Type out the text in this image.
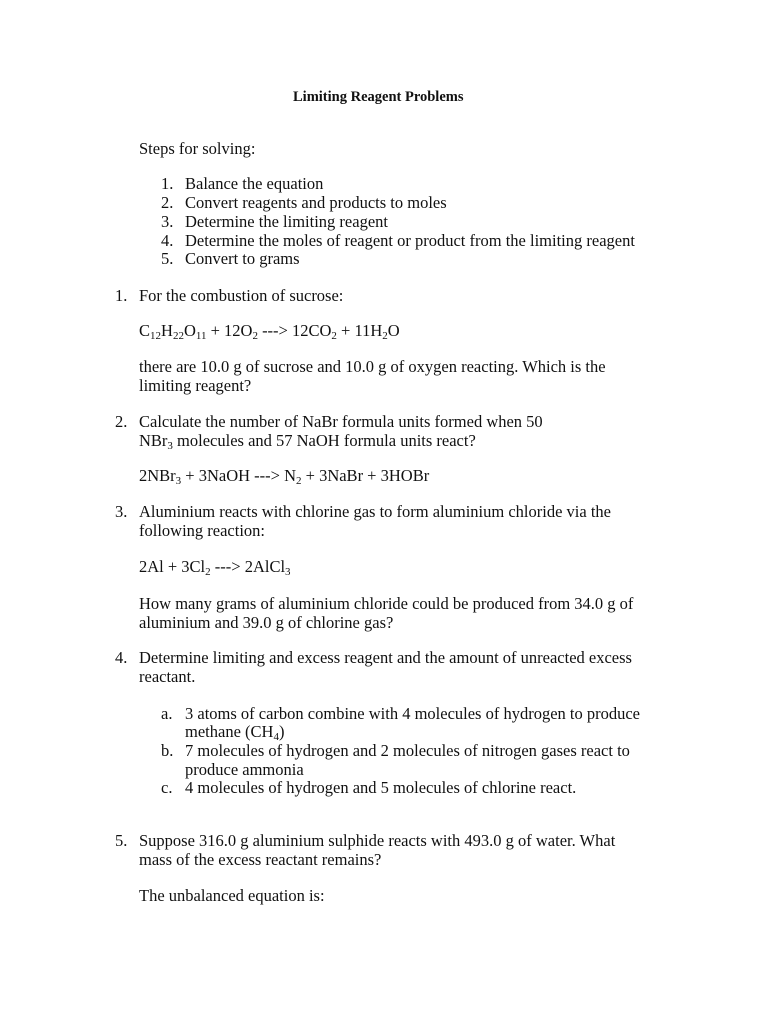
Limiting Reagent Problems
Steps for solving:
1. Balance the equation
2. Convert reagents and products to moles
3. Determine the limiting reagent
4. Determine the moles of reagent or product from the limiting reagent
5. Convert to grams
1. For the combustion of sucrose:
$C_{12}H_{22}O_{11} + 12O_2$ ---> $12CO_2 + 11H_2O$
there are 10.0 g of sucrose and 10.0 g of oxygen reacting. Which is the
limiting reagent?
2. Calculate the number of NaBr formula units formed when 50
NBr$_3$ molecules and 57 NaOH formula units react?
2NBr$_3$ + 3NaOH ---> $N_2$ + 3NaBr + 3HOBr
3. Aluminium reacts with chlorine gas to form aluminium chloride via the
following reaction:
$2Al + 3Cl_2$ ---> 2AlCl$_3$
How many grams of aluminium chloride could be produced from 34.0 g of
aluminium and 39.0 g of chlorine gas?
4. Determine limiting and excess reagent and the amount of unreacted excess
reactant.
a. 3 atoms of carbon combine with 4 molecules of hydrogen to produce
methane $(CH_4)$
b. 7 molecules of hydrogen and 2 molecules of nitrogen gases react to
produce ammonia
c. 4 molecules of hydrogen and 5 molecules of chlorine react.
5. Suppose 316.0 g aluminium sulphide reacts with 493.0 g of water. What
mass of the excess reactant remains?
The unbalanced equation is:
